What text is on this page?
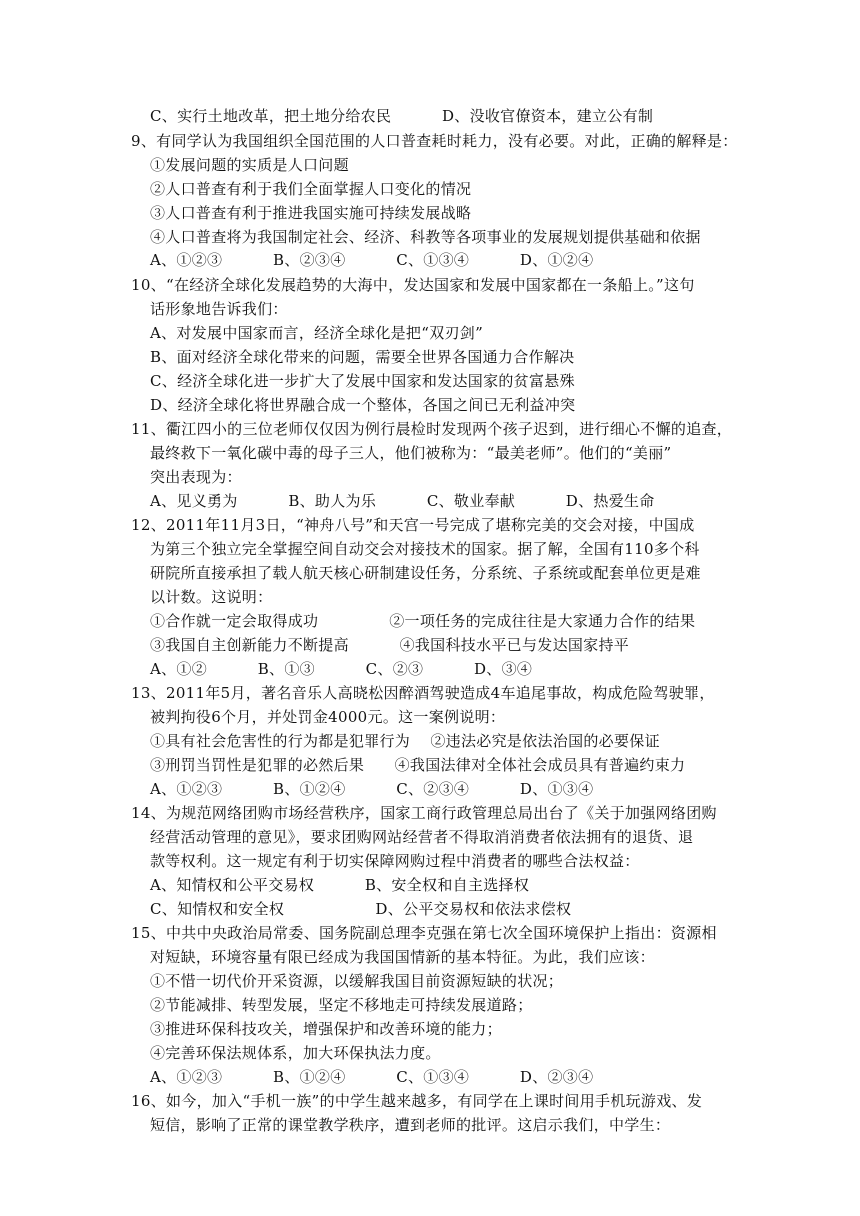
C、实行土地改革，把土地分给农民          D、没收官僚资本，建立公有制
9、有同学认为我国组织全国范围的人口普查耗时耗力，没有必要。对此，正确的解释是：
①发展问题的实质是人口问题
②人口普查有利于我们全面掌握人口变化的情况
③人口普查有利于推进我国实施可持续发展战略
④人口普查将为我国制定社会、经济、科教等各项事业的发展规划提供基础和依据
A、①②③          B、②③④          C、①③④          D、①②④
10、“在经济全球化发展趋势的大海中，发达国家和发展中国家都在一条船上。”这句
话形象地告诉我们：
A、对发展中国家而言，经济全球化是把“双刃剑”
B、面对经济全球化带来的问题，需要全世界各国通力合作解决
C、经济全球化进一步扩大了发展中国家和发达国家的贫富悬殊
D、经济全球化将世界融合成一个整体，各国之间已无利益冲突
11、衢江四小的三位老师仅仅因为例行晨检时发现两个孩子迟到，进行细心不懈的追查，
最终救下一氧化碳中毒的母子三人，他们被称为：“最美老师”。他们的“美丽”
突出表现为：
A、见义勇为          B、助人为乐          C、敬业奉献          D、热爱生命
12、2011年11月3日，“神舟八号”和天宫一号完成了堪称完美的交会对接，中国成
为第三个独立完全掌握空间自动交会对接技术的国家。据了解，全国有110多个科
研院所直接承担了载人航天核心研制建设任务，分系统、子系统或配套单位更是难
以计数。这说明：
①合作就一定会取得成功              ②一项任务的完成往往是大家通力合作的结果
③我国自主创新能力不断提高          ④我国科技水平已与发达国家持平
A、①②          B、①③          C、②③          D、③④
13、2011年5月，著名音乐人高晓松因醉酒驾驶造成4车追尾事故，构成危险驾驶罪，
被判拘役6个月，并处罚金4000元。这一案例说明：
①具有社会危害性的行为都是犯罪行为    ②违法必究是依法治国的必要保证
③刑罚当罚性是犯罪的必然后果      ④我国法律对全体社会成员具有普遍约束力
A、①②③          B、①②④          C、②③④          D、①③④
14、为规范网络团购市场经营秩序，国家工商行政管理总局出台了《关于加强网络团购
经营活动管理的意见》，要求团购网站经营者不得取消消费者依法拥有的退货、退
款等权利。这一规定有利于切实保障网购过程中消费者的哪些合法权益：
A、知情权和公平交易权          B、安全权和自主选择权
C、知情权和安全权                  D、公平交易权和依法求偿权
15、中共中央政治局常委、国务院副总理李克强在第七次全国环境保护上指出：资源相
对短缺，环境容量有限已经成为我国国情新的基本特征。为此，我们应该：
①不惜一切代价开采资源，以缓解我国目前资源短缺的状况；
②节能减排、转型发展，坚定不移地走可持续发展道路；
③推进环保科技攻关，增强保护和改善环境的能力；
④完善环保法规体系，加大环保执法力度。
A、①②③          B、①②④          C、①③④          D、②③④
16、如今，加入“手机一族”的中学生越来越多，有同学在上课时间用手机玩游戏、发
短信，影响了正常的课堂教学秩序，遭到老师的批评。这启示我们，中学生：
